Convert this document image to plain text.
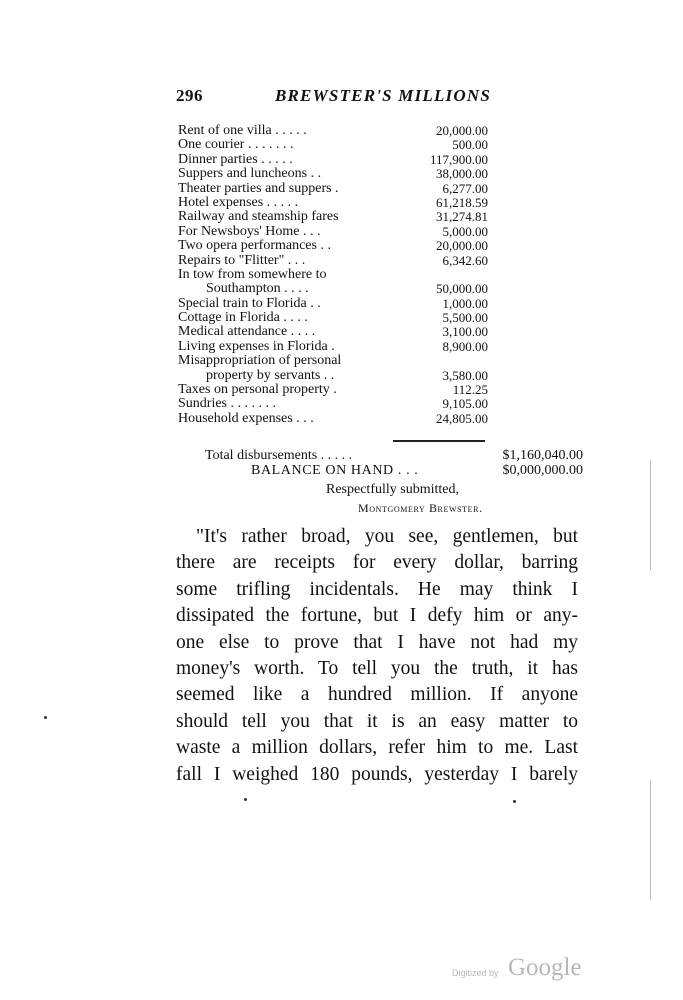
296	BREWSTER'S MILLIONS
Rent of one villa . . . . .	20,000.00
One courier . . . . . . .	500.00
Dinner parties . . . . .	117,900.00
Suppers and luncheons . .	38,000.00
Theater parties and suppers .	6,277.00
Hotel expenses . . . . .	61,218.59
Railway and steamship fares	31,274.81
For Newsboys' Home . . .	5,000.00
Two opera performances . .	20,000.00
Repairs to "Flitter" . . .	6,342.60
In tow from somewhere to
Southampton . . . .	50,000.00
Special train to Florida . .	1,000.00
Cottage in Florida . . . .	5,500.00
Medical attendance . . . .	3,100.00
Living expenses in Florida .	8,900.00
Misappropriation of personal
property by servants . .	3,580.00
Taxes on personal property .	112.25
Sundries . . . . . . .	9,105.00
Household expenses . . .	24,805.00
Total disbursements . . . . .	$1,160,040.00
BALANCE ON HAND . . .	$0,000,000.00
Respectfully submitted,
Montgomery Brewster.
"It's rather broad, you see, gentlemen, but
there are receipts for every dollar, barring
some trifling incidentals. He may think I
dissipated the fortune, but I defy him or any-
one else to prove that I have not had my
money's worth. To tell you the truth, it has
seemed like a hundred million. If anyone
should tell you that it is an easy matter to
waste a million dollars, refer him to me. Last
fall I weighed 180 pounds, yesterday I barely
Digitized by Google
